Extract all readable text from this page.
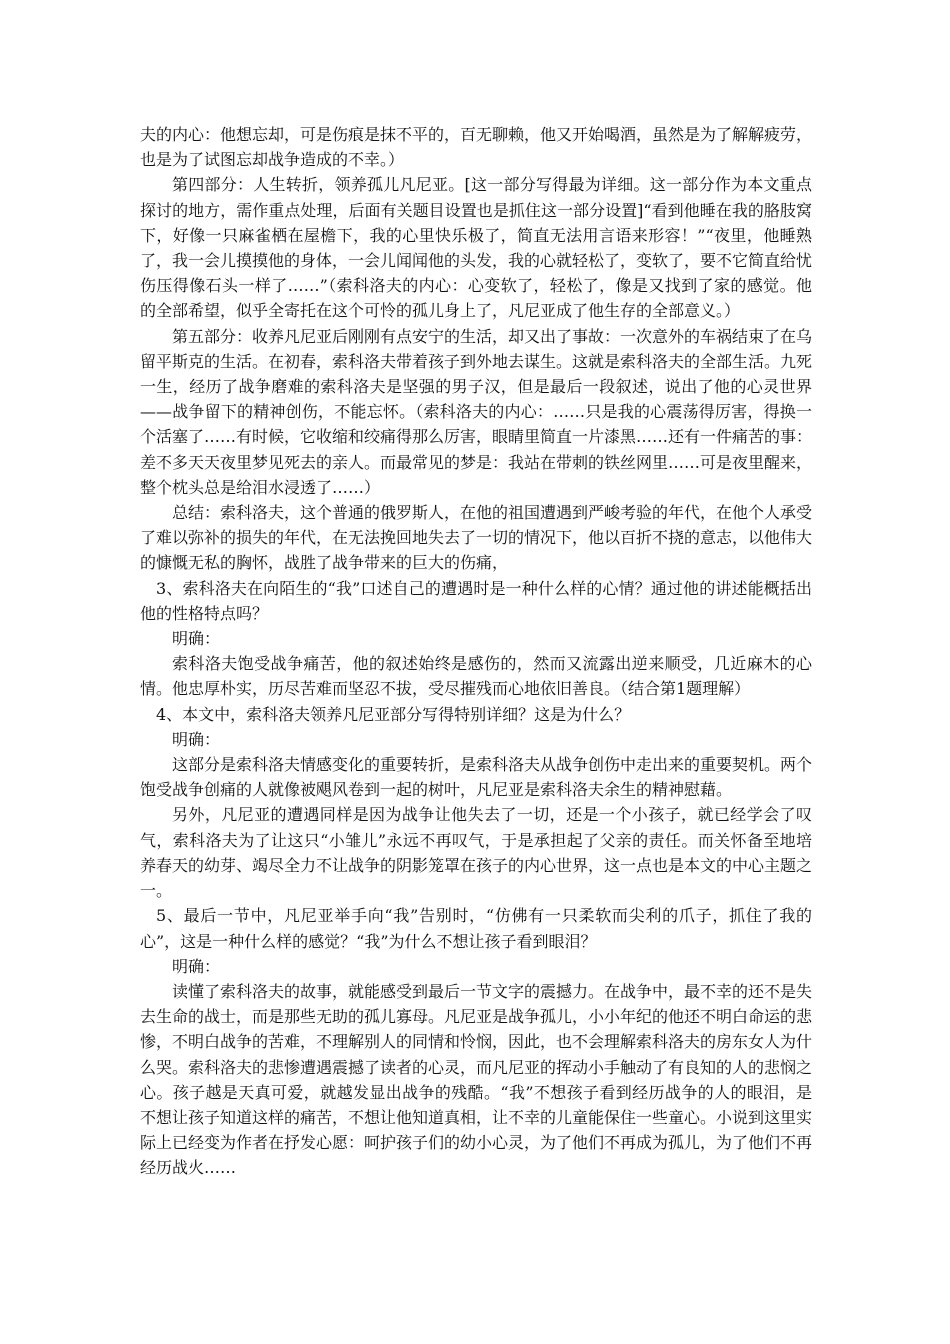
夫的内心：他想忘却，可是伤痕是抹不平的，百无聊赖，他又开始喝酒，虽然是为了解解疲劳，也是为了试图忘却战争造成的不幸。）

第四部分：人生转折，领养孤儿凡尼亚。[这一部分写得最为详细。这一部分作为本文重点探讨的地方，需作重点处理，后面有关题目设置也是抓住这一部分设置]“看到他睡在我的胳肢窝下，好像一只麻雀栖在屋檐下，我的心里快乐极了，简直无法用言语来形容！”“夜里，他睡熟了，我一会儿摸摸他的身体，一会儿闻闻他的头发，我的心就轻松了，变软了，要不它简直给忧伤压得像石头一样了……”（索科洛夫的内心：心变软了，轻松了，像是又找到了家的感觉。他的全部希望，似乎全寄托在这个可怜的孤儿身上了，凡尼亚成了他生存的全部意义。）

第五部分：收养凡尼亚后刚刚有点安宁的生活，却又出了事故：一次意外的车祸结束了在乌留平斯克的生活。在初春，索科洛夫带着孩子到外地去谋生。这就是索科洛夫的全部生活。九死一生，经历了战争磨难的索科洛夫是坚强的男子汉，但是最后一段叙述，说出了他的心灵世界——战争留下的精神创伤，不能忘怀。（索科洛夫的内心：……只是我的心震荡得厉害，得换一个活塞了……有时候，它收缩和绞痛得那么厉害，眼睛里简直一片漆黑……还有一件痛苦的事：差不多天天夜里梦见死去的亲人。而最常见的梦是：我站在带刺的铁丝网里……可是夜里醒来，整个枕头总是给泪水浸透了……）

总结：索科洛夫，这个普通的俄罗斯人，在他的祖国遭遇到严峻考验的年代，在他个人承受了难以弥补的损失的年代，在无法挽回地失去了一切的情况下，他以百折不挠的意志，以他伟大的慷慨无私的胸怀，战胜了战争带来的巨大的伤痛，

3、索科洛夫在向陌生的“我”口述自己的遭遇时是一种什么样的心情？通过他的讲述能概括出他的性格特点吗？

明确：

索科洛夫饱受战争痛苦，他的叙述始终是感伤的，然而又流露出逆来顺受，几近麻木的心情。他忠厚朴实，历尽苦难而坚忍不拔，受尽摧残而心地依旧善良。（结合第1题理解）

4、本文中，索科洛夫领养凡尼亚部分写得特别详细？这是为什么？

明确：

这部分是索科洛夫情感变化的重要转折，是索科洛夫从战争创伤中走出来的重要契机。两个饱受战争创痛的人就像被飓风卷到一起的树叶，凡尼亚是索科洛夫余生的精神慰藉。

另外，凡尼亚的遭遇同样是因为战争让他失去了一切，还是一个小孩子，就已经学会了叹气，索科洛夫为了让这只“小雏儿”永远不再叹气，于是承担起了父亲的责任。而关怀备至地培养春天的幼芽、竭尽全力不让战争的阴影笼罩在孩子的内心世界，这一点也是本文的中心主题之一。

5、最后一节中，凡尼亚举手向“我”告别时，“仿佛有一只柔软而尖利的爪子，抓住了我的心”，这是一种什么样的感觉？“我”为什么不想让孩子看到眼泪？

明确：

读懂了索科洛夫的故事，就能感受到最后一节文字的震撼力。在战争中，最不幸的还不是失去生命的战士，而是那些无助的孤儿寡母。凡尼亚是战争孤儿，小小年纪的他还不明白命运的悲惨，不明白战争的苦难，不理解别人的同情和怜悯，因此，也不会理解索科洛夫的房东女人为什么哭。索科洛夫的悲惨遭遇震撼了读者的心灵，而凡尼亚的挥动小手触动了有良知的人的悲悯之心。孩子越是天真可爱，就越发显出战争的残酷。“我”不想孩子看到经历战争的人的眼泪，是不想让孩子知道这样的痛苦，不想让他知道真相，让不幸的儿童能保住一些童心。小说到这里实际上已经变为作者在抒发心愿：呵护孩子们的幼小心灵，为了他们不再成为孤儿，为了他们不再经历战火……
